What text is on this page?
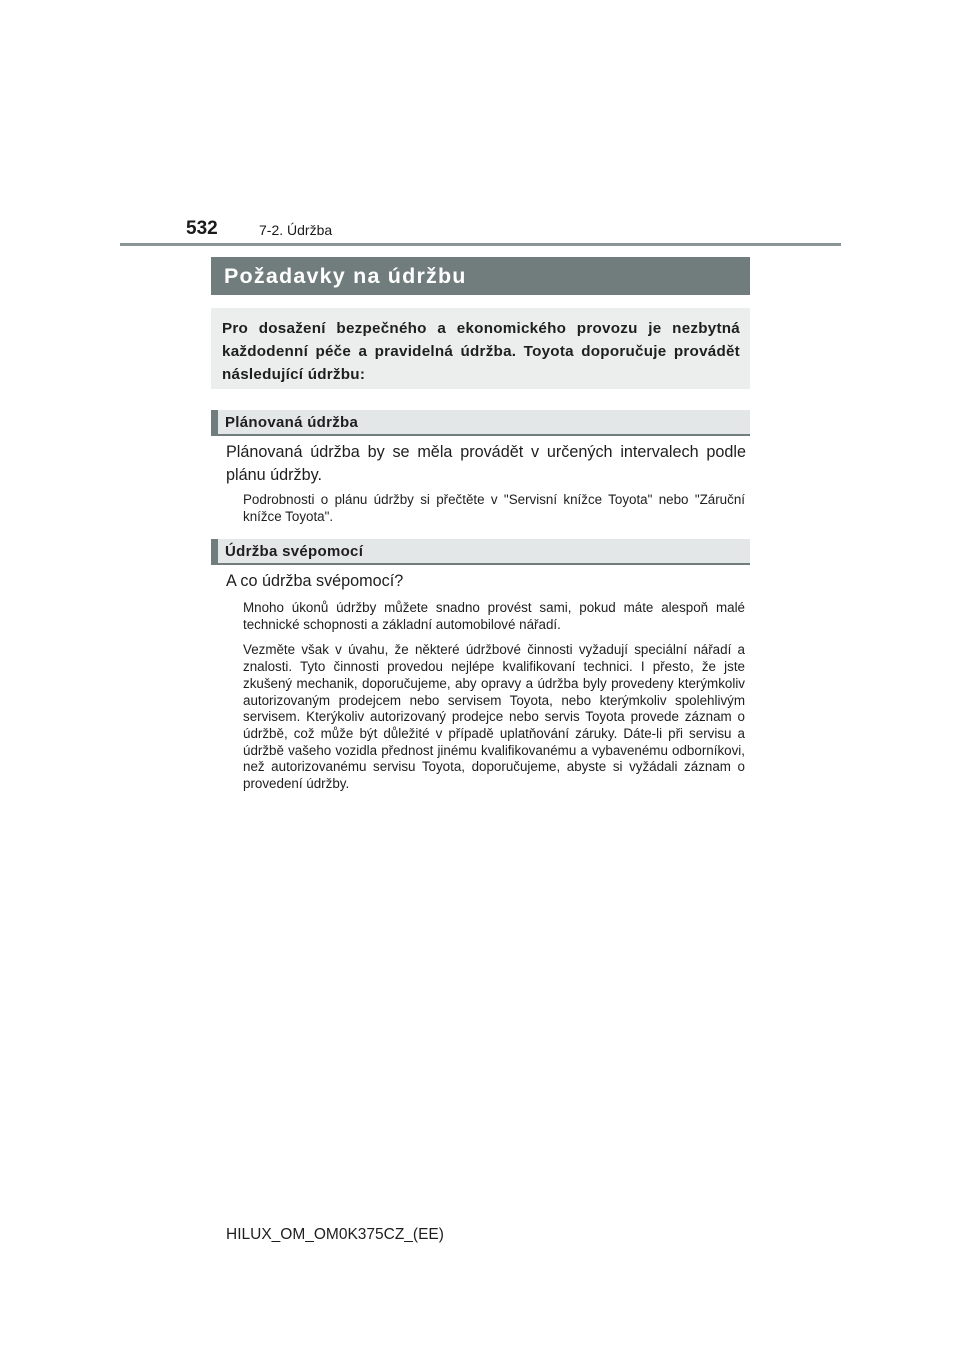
532	7-2. Údržba
Požadavky na údržbu
Pro dosažení bezpečného a ekonomického provozu je nezbytná každodenní péče a pravidelná údržba. Toyota doporučuje provádět následující údržbu:
Plánovaná údržba
Plánovaná údržba by se měla provádět v určených intervalech podle plánu údržby.

Podrobnosti o plánu údržby si přečtěte v "Servisní knížce Toyota" nebo "Záruční knížce Toyota".

Údržba svépomocí
A co údržba svépomocí?

Mnoho úkonů údržby můžete snadno provést sami, pokud máte alespoň malé technické schopnosti a základní automobilové nářadí.

Vezměte však v úvahu, že některé údržbové činnosti vyžadují speciální nářadí a znalosti. Tyto činnosti provedou nejlépe kvalifikovaní technici. I přesto, že jste zkušený mechanik, doporučujeme, aby opravy a údržba byly provedeny kterýmkoliv autorizovaným prodejcem nebo servisem Toyota, nebo kterýmkoliv spolehlivým servisem. Kterýkoliv autorizovaný prodejce nebo servis Toyota provede záznam o údržbě, což může být důležité v případě uplatňování záruky. Dáte-li při servisu a údržbě vašeho vozidla přednost jinému kvalifikovanému a vybavenému odborníkovi, než autorizovanému servisu Toyota, doporučujeme, abyste si vyžádali záznam o provedení údržby.

HILUX_OM_OM0K375CZ_(EE)
